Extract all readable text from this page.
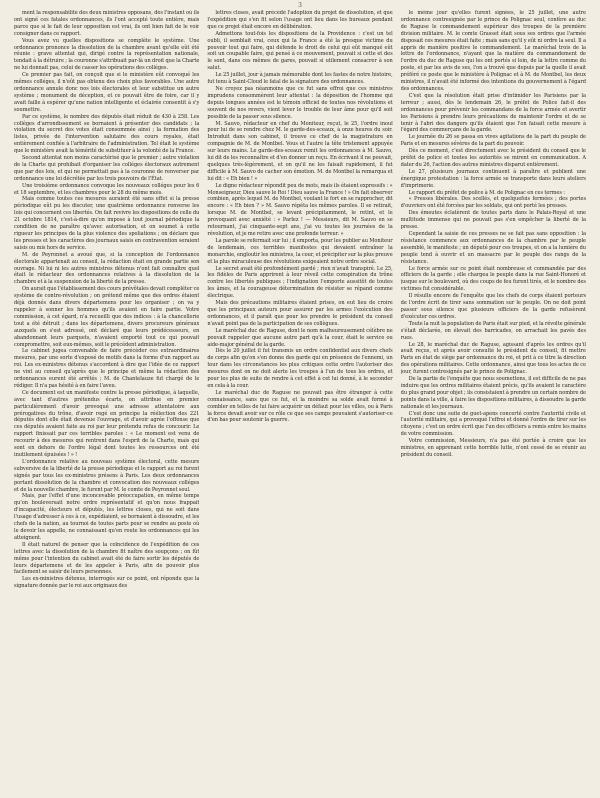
3

ment la responsabilité des deux ministres opposans, dès l'instant où ils ont signé ces fatales ordonnances, ils l'ont accepté toute entière, mais parce que si le fait de leur opposition est vrai, ils ont bien fait de le voir consigner dans ce rapport.

Vous avez vu quelles dispositions se complète le système. Une ordonnance prononce la dissolution de la chambre avant qu'elle eût été réunie : grave attentat qui, dirigé contre la représentation nationale, tendait à la détruire ; la couronne s'attribuait par-là un droit que la Charte ne lui donnait pas, celui de casser les opérations des colléges.

Ce premier pas fait, on conçoit que si le ministère eût convoqué les mêmes colléges, il n'eût pas obtenu des choix plus favorables. Une autre ordonnance annule donc nos lois électorales et leur substitue un autre système ; monument de déception, et ce pouvait être de foire, car il y avait faille à espérer qu'une nation intelligente et éclairée consentit à s'y soumettre.

Par ce système, le nombre des députés était réduit de 430 à 258. Les colléges d'arrondissement se bornaient à présenter des candidats ; la violation du secret des votes était consommée ainsi ; la formation des listes, privée de l'intervention salutaire des cours royales, était entièrement confiée à l'arbitraire de l'administration. Tel était le système que le ministère avait la témérité de substituer à la volonté de la France.

Second attentat non moins caractérisé que le premier ; autre violation de la Charte qui prohibait d'organiser les colléges électoraux autrement que par des lois, et qui ne permettait pas à la couronne de renverser par ordonnance une loi décrétée par les trois pouvoirs de l'État.

Une troisième ordonnance convoque les nouveaux colléges pour les 6 et 18 septembre, et les chambres pour le 28 du même mois.

Mais comme toutes ces mesures auraient été sans effet si la presse périodique eût pu les discuter, une quatrième ordonnance renverse les lois qui concernent ces libertés. On fait revivre les dispositions de celle du 21 octobre 1814, c'est-à-dire qu'on impose à tout journal périodique la condition de ne paraître qu'avec autorisation, et on soumet à cette rigueur les principes de la plus violence des spoliations ; on déclare que les presses et les caractères des journaux saisis en contravention seraient saisis ou mis hors de service.

M. de Peyronnet a avoué que, si la conception de l'ordonnance électorale appartenait au conseil, la rédaction était en grande partie son ouvrage. Ni lui ni les autres ministres détenus n'ont fait connaître quel était le rédacteur des ordonnances relatives à la dissolution de la chambre et à la suspension de la liberté de la presse.

On aurait que l'établissement des cours prévôtales devait compléter ce système de contre-révolution ; on prétend même que des ordres étaient déjà donnés dans divers départemens pour les organiser ; on va y rappeler à sonner les hommes qu'ils avaient en faire partie. Votre commission, à cet égard, n'a recueilli que des indices : à la chancellerie tout a été détruit ; dans les départemens, divers procureurs généraux auxquels on s'est adressé, ont déclaré que leurs prédécesseurs, en abandonnant leurs parquets, n'avaient emporté tout ce qui pouvait compromettre, soit eux-mêmes, soit le précédent administration.

Le cabinet jugea convenable de faire précéder ces extraordinaires mesures, par une sorte d'exposé de motifs dans la forme d'un rapport au roi. Les ex-ministres détenus s'accordent à dire que l'idée de ce rapport ne vint au conseil qu'après que le principe et même la rédaction des ordonnances eurent été arrêtés ; M. de Chantelauze fut chargé de le rédiger. Il n'a pas hésité à en faire l'aveu.

Ce document est un manifeste contre la presse périodique, à laquelle, avec tant d'autres prétendus écarts, on attribue en premier particulièrement d'avoir provoqué une adresse attentatoire aux prérogatives du trône, d'avoir regé en principe la réélection des 221 députés dont elle était devenue l'ouvrage, et d'avoir agrée l'offense que ces députés avaient faite au roi par leur prétendu refus de concourir. Le rapport finissait par ces terribles paroles : « Le moment est venu de recourir à des mesures qui rentrent dans l'esprit de la Charte, mais qui sont en dehors de l'ordre légal dont toutes les ressources ont été inutilement épuisées ! » !

L'ordonnance relative au nouveau système électoral, cette mesure subversive de la liberté de la presse périodique et le rapport au roi furent signés par tous les ex-ministres présens à Paris. Les deux ordonnances portant dissolution de la chambre et convocation des nouveaux colléges et de la nouvelle chambre, le furent par M. le comte de Peyronnet seul.

Mais, par l'effet d'une inconcevable préoccupation, en même temps qu'on bouleversait notre ordre représentatif et qu'on nous frappait d'incapacité, électeurs et députés, les lettres closes, qui ne soit dans l'usage d'adresser à ces à ce, expédiaient, se bornaient à dissoudre, et les chefs de la nation, au tournoi de toutes parts pour se rendre au poste où le devoir les appelle, ne connaissant qu'en route les ordonnances qui les atteignent.

Il était naturel de penser que la coïncidence de l'expédition de ces lettres avec la dissolution de la chambre fit naître des soupçons ; on fût même pour l'intention du cabinet avait été de faire sortir les députés de leurs départemens et de les appeler à Paris, afin de pouvoir plus facilement se saisir de leurs personnes.

Les ex-ministres détenus, interrogés sur ce point, ont répondu que la signature donnée par le roi aux originaux des

lettres closes, avait précédé l'adoption du projet de dissolution, et que l'expédition qui s'en fit selon l'usage ont lieu dans les bureaux pendant que ce projet était encore en délibération.

Admettons tout-fois les dispositions de la Providence : c'est un tel oubli, il semblait vrai, ceux qui la France a été la presque victime du pouvoir tout qui faire, qui défende le droit de celui qui eût manqué eût soit un coupable faire, qui pensé à ce mouvement, pouvait si cette et des le sont, dans ces mêmes de gares, pouvait si utilement consacrer à son salut.

Le 25 juillet, jour à jamais mémorable dont les fastes de notre histoire, fut tenu à Saint-Cloud le fatal de la signature des ordonnances.

Ne croyez pas néanmoins que ce fut sans effroi que ces ministres imprudens consommèrent leur attentat : la déposition de l'homme qui depuis longues années est le témoin officiel de toutes nos révolutions et souvent de nos revers, vient lever le trouble de leur âme pour qu'il soit possible de la passer sous silence.

M. Sauvo, rédacteur en chef du Moniteur, reçut, le 25, l'ordre inouï pour lui de se rendre chez M. le garde-des-sceaux, à onze heures du soir. Introduit dans son cabinet, il trouve ce chef de la magistrature en compagnie de M. de Montbel. Vous et l'autre la tête tristement appuyée sur leurs mains. Le garde-des-sceaux remit les ordonnances à M. Sauvo, lui dit de les reconnaître et d'en donner un reçu. En écrivant il ne pouvait, quelques très-légèrement, et on qu'il ne les faisait rapidement, il fut difficile à M. Sauvo de cacher son émotion. M. de Montbel la remarqua et lui dit : « Eh bien ! »

Le digne rédacteur répondit peu de mots, mais ils étaient expressifs : « Monseigneur, Dieu sauve le Roi ! Dieu sauve la France ! » On fait observer combien, après lequel M. de Montbel, voulant le fort en se rapprocher, dit encore : « Eh bien ? » M. Sauvo répéta les mêmes paroles. Il se retirait, lorsque M. de Montbel, se levant précipitamment, le retint, et le provoquant avec anxiété : « Parlez ! — Messieurs, dit M. Sauvo en se retournant, j'ai cinquante-sept ans, j'ai vu toutes les journées de la révolution, et je me retire avec une profonde terreur. »

La parole se refermait sur lui ; il emporta, pour les publier au Moniteur de lendemain, ces terribles manifestes qui devaient entraîner la monarchie, engloutir les ministres, la cour, et précipiter sur la plus preuve et la plus miraculeuse des révolutions exigeaient notre ordre social.

Le secret avait été profondément gardé ; rien n'avait transpiré. Le 25, les fidèles de Paris apprirent à leur réveil cette conspiration du trône contre les libertés publiques ; l'indignation l'emporte aussitôt de toutes les âmes, et la courageuse détermination de résister se répand comme électrique.

Mais des précautions militaires étaient prises, on eut lieu de croire que les principaux auteurs pour assurer par les armes l'exécution des ordonnances, et il paraît que pour les prendre le président du conseil n'avait point pas de la participation de ses collègues.

Le maréchal duc de Raguse, dont le nom malheureusement célèbre ne pouvait rappeler que aucune autre part qu'à la cour, était le service ou aide-major général de la garde.

Dès le 20 juillet il fut transmis un ordre confidentiel aux divers chefs de corps afin qu'on s'en donne des garde qui en présence de l'ennemi, un tour dans les circonstances les plus critiques cette ordre l'autoriser des mesures dont on ne doit alerte les troupes à l'un de tous les ordres, et pour les plus de suite de rendre à cet effet à cet lui donné, à le seconder en cela à la cour.

Le maréchal duc de Raguse ne pouvait pas être étranger à cette connaissance, sans que ce fut, et la moindre sa solde avait formé à combler en telles de lui faire acquérir un défaut pour les villes, ou à Paris la force devait avoir sur ce rôle ce que ses camps pouvaient s'autoriser-ce d'en bas pour soutenir la guerre.

le même jour qu'elles furent signées, le 25 juillet, une autre ordonnance contresignée par le prince de Polignac seul, confère au duc de Raguse le commandement supérieur des troupes de la première division militaire. M. le comte Grasset était sous ses ordres que l'armée disposait ces mesures était faite ; mais sans qu'il y eût ni ordre la seul. Il a appris de manière positive le commandement. Le maréchal trois de la lettre de l'ordonnance, n'ayant que la matière du commandement de l'ordre du duc de Raguse qui les ont portés si loin, de la lettre comme du poste, et par les avis de ses, l'on a trouvé que depuis par la quelle il avait préféré ce poste que le ministère à Polignac et à M. de Montbel, les deux ministres, il n'avait été informé des intentions du gouvernement à l'égard des ordonnances.

C'est que la résolution était prise d'intimider les Parisiens par la terreur ; aussi, dès le lendemain 26, le préfet de Police fait-il des ordonnances pour prévenir les commandans de la force armée et avertir les Parisiens à prendre leurs précautions de maintenir l'ordre et de se tenir à l'abri des dangers qu'ils étaient que l'on faisait cette mesure à l'égard des commerçans de la garde.

Le journée du 26 se passa en vives agitations de la part du peuple de Paris et en mesures sévères de la part du pouvoir.

Dès ce moment, c'est directement avec le président du conseil que le préfet de police et toutes les autorités se mirent en communication. A dater du 26, l'action des autres ministres disparut entièrement.

Le 27, plusieurs journaux continuent à paraître et publient une énergique protestation : la force armée se transporte dans leurs ateliers d'imprimerie.

Le rapport du préfet de police à M. de Polignac en ces termes :

« Presses libérales. Des scellés, et quelquefois fermées ; des portes d'ouvriers ont été forcées par les soldats, qui ont porté les presses.

Des émeutes éclatèrent de toutes parts dans le Palais-Royal et une multitude immense qui ne pouvait pas s'en empêcher la liberté de la presse.

Cependant la saisie de ces presses ne se fait pas sans opposition : la résistance commence aux ordonnances de la chambre par le peuple assemblé, le manifeste ; un député pour ces troupes, et on a la lumière du peuple tend à ouvrir et un massacre par le peuple des rangs de la résistance.

Le force armée sur ce point était nombreuse et commandée par des officiers de la garde ; elle chargea le peuple dans la rue Saint-Honoré et jusque sur le boulevard, où des coups de feu furent tirés, et le nombre des victimes fut considérable.

Il résulte encore de l'enquête que les chefs de corps étaient porteurs de l'ordre écrit de tirer sans sommation sur le peuple. On ne doit point passer sous silence que plusieurs officiers de la garde refusèrent d'exécuter ces ordres.

Toute la nuit la population de Paris était sur pied, et la révolte générale s'était déclarée, on élevait des barricades, on arrachait les pavés des rues.

Le 28, le maréchal duc de Raguse, agissant d'après les ordres qu'il avait reçus, et après avoir consulté le président du conseil, fit mettre Paris en état de siège par ordonnance du roi, et prit à ce titre la direction des opérations militaires. Cette ordonnance, ainsi que tous les actes de ce jour, furent contresignés par le prince de Polignac.

De la partie de l'enquête que nous soumettons, il est difficile de ne pas induire que les ordres militaires étaient précis, qu'ils avaient le caractère du plus grand pour objet ; ils consistaient à prendre un certain nombre de points dans la ville, à faire les dispositions militaires, à dissoudre la garde nationale et les journaux.

C'est donc une suite de guet-apens concerté contre l'autorité civile et l'autorité militaire, qui a provoqué l'effroi et donné l'ordre de tirer sur les citoyens ; c'est un ordre écrit que l'un des officiers a remis entre les mains de votre commission.

Votre commission, Messieurs, n'a pas été portée à croire que les ministres, en apprenant cette horrible lutte, n'ont cessé de se réunir au président du conseil.
